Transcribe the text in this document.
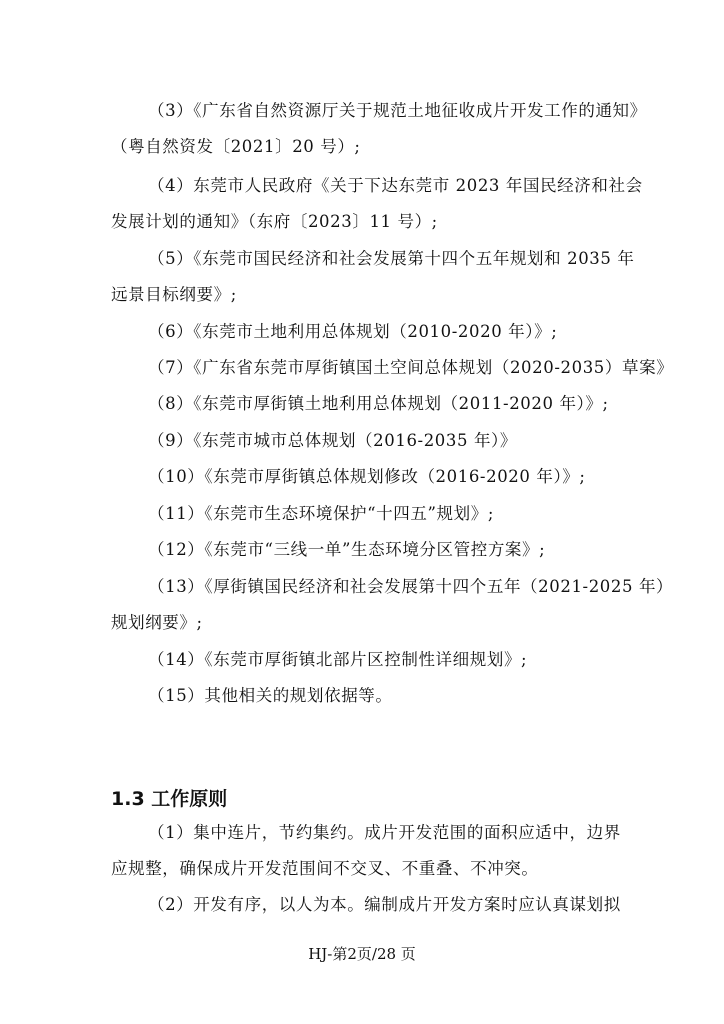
（3）《广东省自然资源厅关于规范土地征收成片开发工作的通知》
（粤自然资发〔2021〕20 号）;
（4）东莞市人民政府《关于下达东莞市 2023 年国民经济和社会
发展计划的通知》（东府〔2023〕11 号）;
（5）《东莞市国民经济和社会发展第十四个五年规划和 2035 年
远景目标纲要》;
（6）《东莞市土地利用总体规划（2010-2020 年）》;
（7）《广东省东莞市厚街镇国土空间总体规划（2020-2035）草案》
（8）《东莞市厚街镇土地利用总体规划（2011-2020 年）》;
（9）《东莞市城市总体规划（2016-2035 年）》
（10）《东莞市厚街镇总体规划修改（2016-2020 年）》;
（11）《东莞市生态环境保护“十四五”规划》;
（12）《东莞市“三线一单”生态环境分区管控方案》;
（13）《厚街镇国民经济和社会发展第十四个五年（2021-2025 年）
规划纲要》;
（14）《东莞市厚街镇北部片区控制性详细规划》;
（15）其他相关的规划依据等。
1.3 工作原则
（1）集中连片，节约集约。成片开发范围的面积应适中，边界
应规整，确保成片开发范围间不交叉、不重叠、不冲突。
（2）开发有序，以人为本。编制成片开发方案时应认真谋划拟
HJ-第2页/28 页
